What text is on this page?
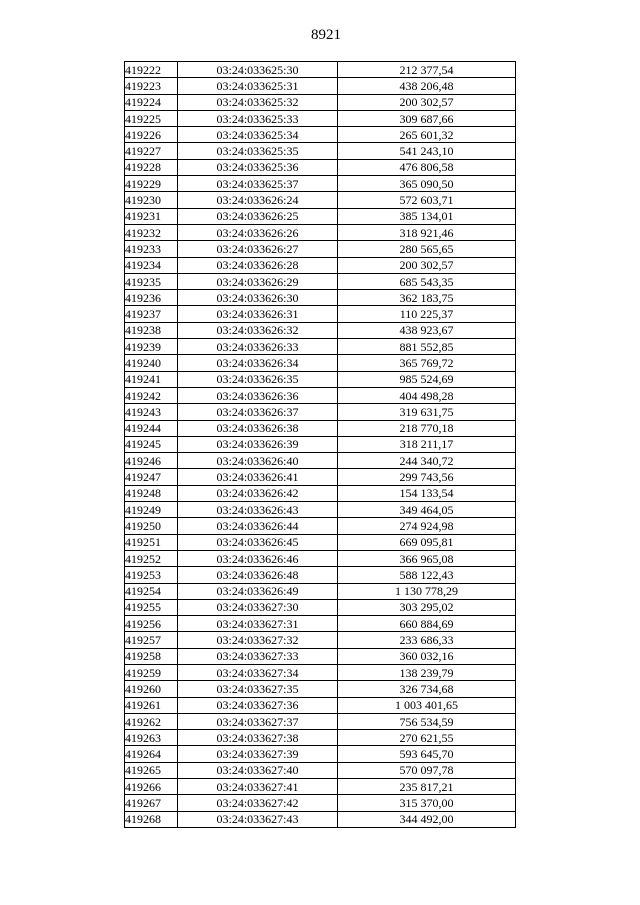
8921
419222	03:24:033625:30	212 377,54
419223	03:24:033625:31	438 206,48
419224	03:24:033625:32	200 302,57
419225	03:24:033625:33	309 687,66
419226	03:24:033625:34	265 601,32
419227	03:24:033625:35	541 243,10
419228	03:24:033625:36	476 806,58
419229	03:24:033625:37	365 090,50
419230	03:24:033626:24	572 603,71
419231	03:24:033626:25	385 134,01
419232	03:24:033626:26	318 921,46
419233	03:24:033626:27	280 565,65
419234	03:24:033626:28	200 302,57
419235	03:24:033626:29	685 543,35
419236	03:24:033626:30	362 183,75
419237	03:24:033626:31	110 225,37
419238	03:24:033626:32	438 923,67
419239	03:24:033626:33	881 552,85
419240	03:24:033626:34	365 769,72
419241	03:24:033626:35	985 524,69
419242	03:24:033626:36	404 498,28
419243	03:24:033626:37	319 631,75
419244	03:24:033626:38	218 770,18
419245	03:24:033626:39	318 211,17
419246	03:24:033626:40	244 340,72
419247	03:24:033626:41	299 743,56
419248	03:24:033626:42	154 133,54
419249	03:24:033626:43	349 464,05
419250	03:24:033626:44	274 924,98
419251	03:24:033626:45	669 095,81
419252	03:24:033626:46	366 965,08
419253	03:24:033626:48	588 122,43
419254	03:24:033626:49	1 130 778,29
419255	03:24:033627:30	303 295,02
419256	03:24:033627:31	660 884,69
419257	03:24:033627:32	233 686,33
419258	03:24:033627:33	360 032,16
419259	03:24:033627:34	138 239,79
419260	03:24:033627:35	326 734,68
419261	03:24:033627:36	1 003 401,65
419262	03:24:033627:37	756 534,59
419263	03:24:033627:38	270 621,55
419264	03:24:033627:39	593 645,70
419265	03:24:033627:40	570 097,78
419266	03:24:033627:41	235 817,21
419267	03:24:033627:42	315 370,00
419268	03:24:033627:43	344 492,00
